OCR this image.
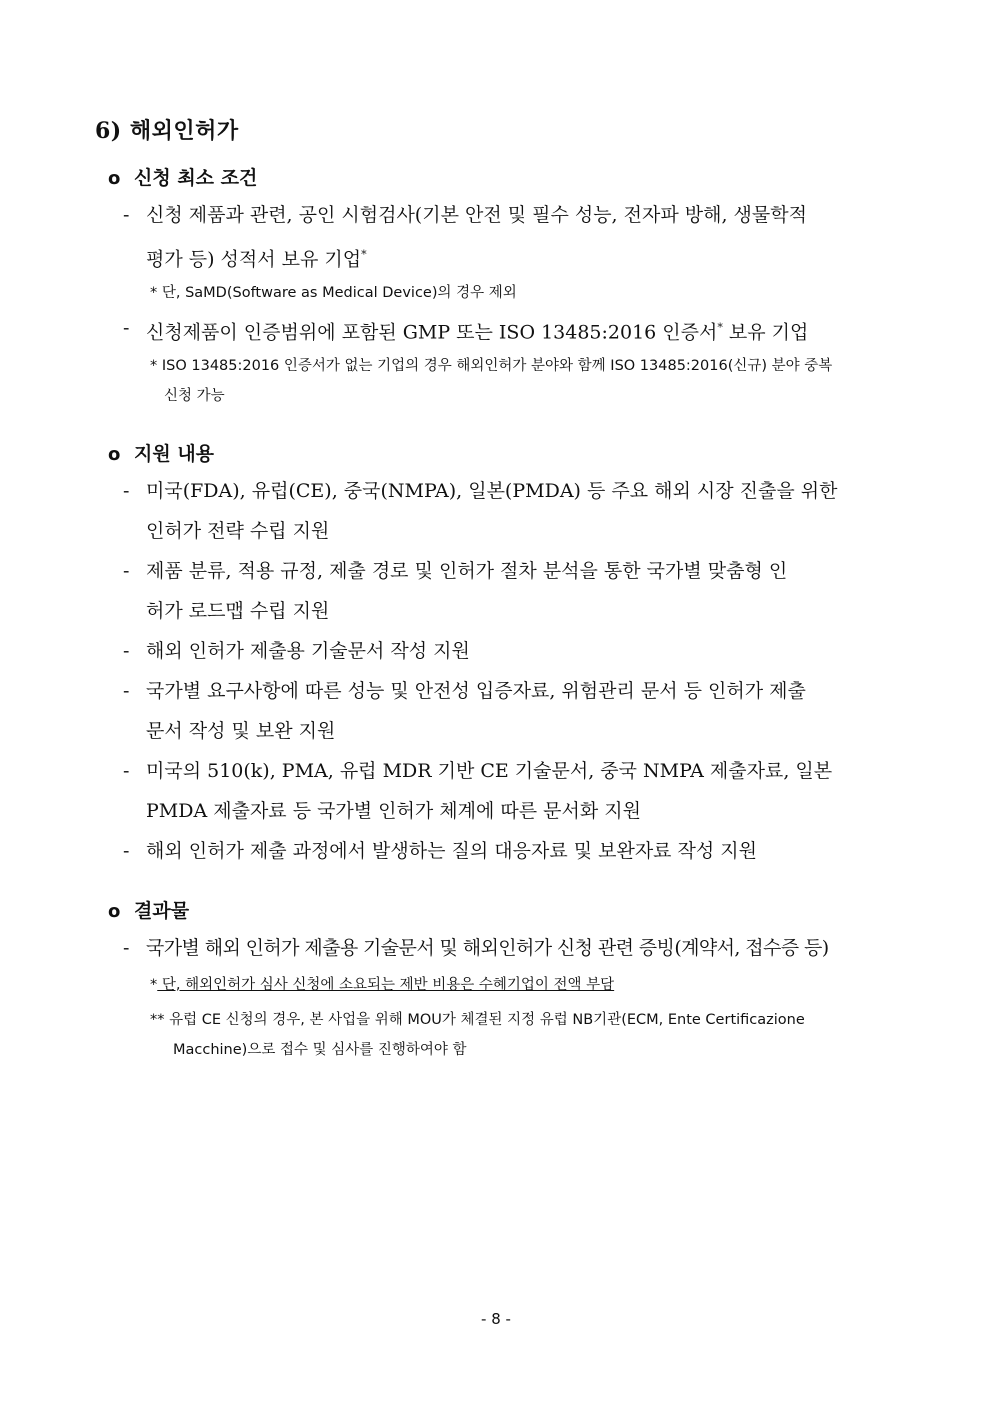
6) 해외인허가
o 신청 최소 조건
- 신청 제품과 관련, 공인 시험검사(기본 안전 및 필수 성능, 전자파 방해, 생물학적
평가 등) 성적서 보유 기업*
* 단, SaMD(Software as Medical Device)의 경우 제외
- 신청제품이 인증범위에 포함된 GMP 또는 ISO 13485:2016 인증서* 보유 기업
* ISO 13485:2016 인증서가 없는 기업의 경우 해외인허가 분야와 함께 ISO 13485:2016(신규) 분야 중복
신청 가능
o 지원 내용
- 미국(FDA), 유럽(CE), 중국(NMPA), 일본(PMDA) 등 주요 해외 시장 진출을 위한
인허가 전략 수립 지원
- 제품 분류, 적용 규정, 제출 경로 및 인허가 절차 분석을 통한 국가별 맞춤형 인
허가 로드맵 수립 지원
- 해외 인허가 제출용 기술문서 작성 지원
- 국가별 요구사항에 따른 성능 및 안전성 입증자료, 위험관리 문서 등 인허가 제출
문서 작성 및 보완 지원
- 미국의 510(k), PMA, 유럽 MDR 기반 CE 기술문서, 중국 NMPA 제출자료, 일본
PMDA 제출자료 등 국가별 인허가 체계에 따른 문서화 지원
- 해외 인허가 제출 과정에서 발생하는 질의 대응자료 및 보완자료 작성 지원
o 결과물
- 국가별 해외 인허가 제출용 기술문서 및 해외인허가 신청 관련 증빙(계약서, 접수증 등)
* 단, 해외인허가 심사 신청에 소요되는 제반 비용은 수혜기업이 전액 부담
** 유럽 CE 신청의 경우, 본 사업을 위해 MOU가 체결된 지정 유럽 NB기관(ECM, Ente Certificazione
Macchine)으로 접수 및 심사를 진행하여야 함
- 8 -
